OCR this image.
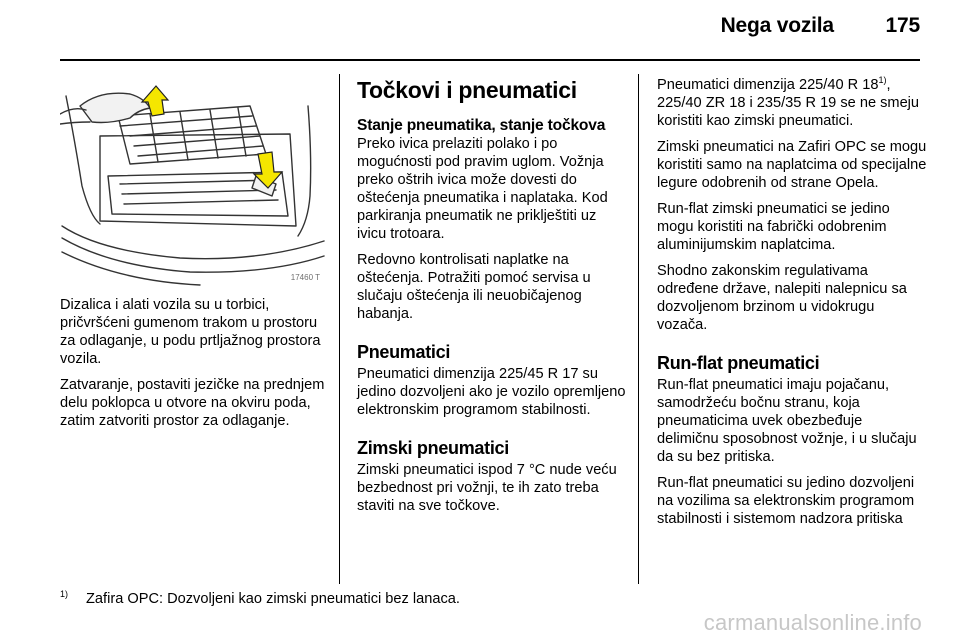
Nega vozila 175
17460 T

Dizalica i alati vozila su u torbici, pričvršćeni gumenom trakom u prostoru za odlaganje, u podu prtljažnog prostora vozila.

Zatvaranje, postaviti jezičke na prednjem delu poklopca u otvore na okviru poda, zatim zatvoriti prostor za odlaganje.

Točkovi i pneumatici
Stanje pneumatika, stanje točkova

Preko ivica prelaziti polako i po mogućnosti pod pravim uglom. Vožnja preko oštrih ivica može dovesti do oštećenja pneumatika i naplataka. Kod parkiranja pneumatik ne priklještiti uz ivicu trotoara.

Redovno kontrolisati naplatke na oštećenja. Potražiti pomoć servisa u slučaju oštećenja ili neuobičajenog habanja.

Pneumatici

Pneumatici dimenzija 225/45 R 17 su jedino dozvoljeni ako je vozilo opremljeno elektronskim programom stabilnosti.

Zimski pneumatici

Zimski pneumatici ispod 7 °C nude veću bezbednost pri vožnji, te ih zato treba staviti na sve točkove.

Pneumatici dimenzija 225/40 R 18$^{1)}$, 225/40 ZR 18 i 235/35 R 19 se ne smeju koristiti kao zimski pneumatici.

Zimski pneumatici na Zafiri OPC se mogu koristiti samo na naplatcima od specijalne legure odobrenih od strane Opela.

Run-flat zimski pneumatici se jedino mogu koristiti na fabrički odobrenim aluminijumskim naplatcima.

Shodno zakonskim regulativama određene države, nalepiti nalepnicu sa dozvoljenom brzinom u vidokrugu vozača.

Run-flat pneumatici

Run-flat pneumatici imaju pojačanu, samodržeću bočnu stranu, koja pneumaticima uvek obezbeđuje delimičnu sposobnost vožnje, i u slučaju da su bez pritiska.

Run-flat pneumatici su jedino dozvoljeni na vozilima sa elektronskim programom stabilnosti i sistemom nadzora pritiska

$^{1)}$ Zafira OPC: Dozvoljeni kao zimski pneumatici bez lanaca.
carmanualsonline.info
